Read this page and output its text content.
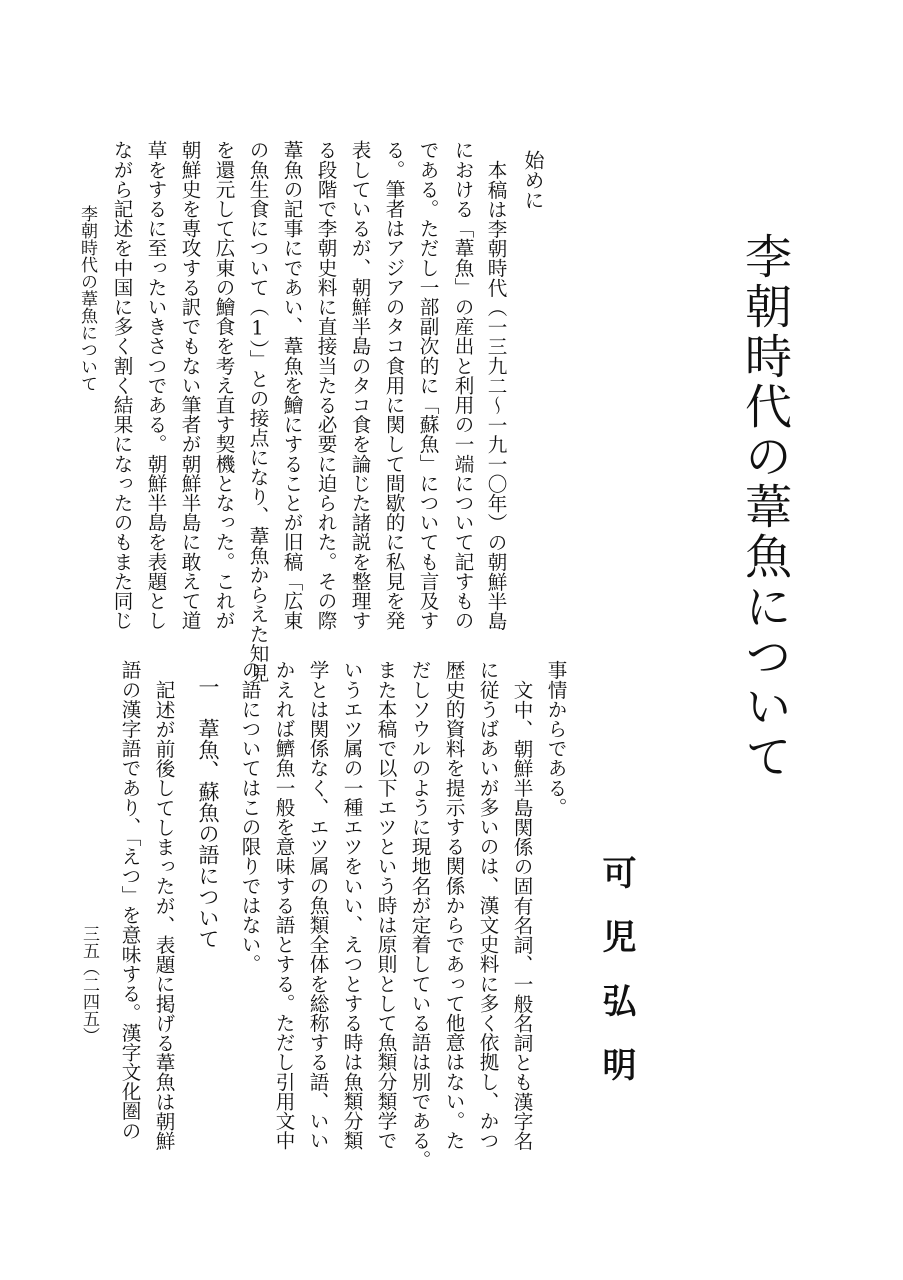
李朝時代の葦魚について
可児弘明
始めに
本稿は李朝時代（一三九二～一九一〇年）の朝鮮半島
における「葦魚」の産出と利用の一端について記すもの
である。ただし一部副次的に「蘇魚」についても言及す
る。筆者はアジアのタコ食用に関して間歇的に私見を発
表しているが、朝鮮半島のタコ食を論じた諸説を整理す
る段階で李朝史料に直接当たる必要に迫られた。その際
葦魚の記事にであい、葦魚を鱠にすることが旧稿「広東
の魚生食について（1）」との接点になり、葦魚からえた知見
を還元して広東の鱠食を考え直す契機となった。これが
朝鮮史を専攻する訳でもない筆者が朝鮮半島に敢えて道
草をするに至ったいきさつである。朝鮮半島を表題とし
ながら記述を中国に多く割く結果になったのもまた同じ
事情からである。
文中、朝鮮半島関係の固有名詞、一般名詞とも漢字名
に従うばあいが多いのは、漢文史料に多く依拠し、かつ
歴史的資料を提示する関係からであって他意はない。た
だしソウルのように現地名が定着している語は別である。
また本稿で以下エツという時は原則として魚類分類学で
いうエツ属の一種エツをいい、えつとする時は魚類分類
学とは関係なく、エツ属の魚類全体を総称する語、いい
かえれば鱭魚一般を意味する語とする。ただし引用文中
の語についてはこの限りではない。
一　葦魚、蘇魚の語について
記述が前後してしまったが、表題に掲げる葦魚は朝鮮
語の漢字語であり、「えつ」を意味する。漢字文化圏の
李朝時代の葦魚について
三五（二四五）
